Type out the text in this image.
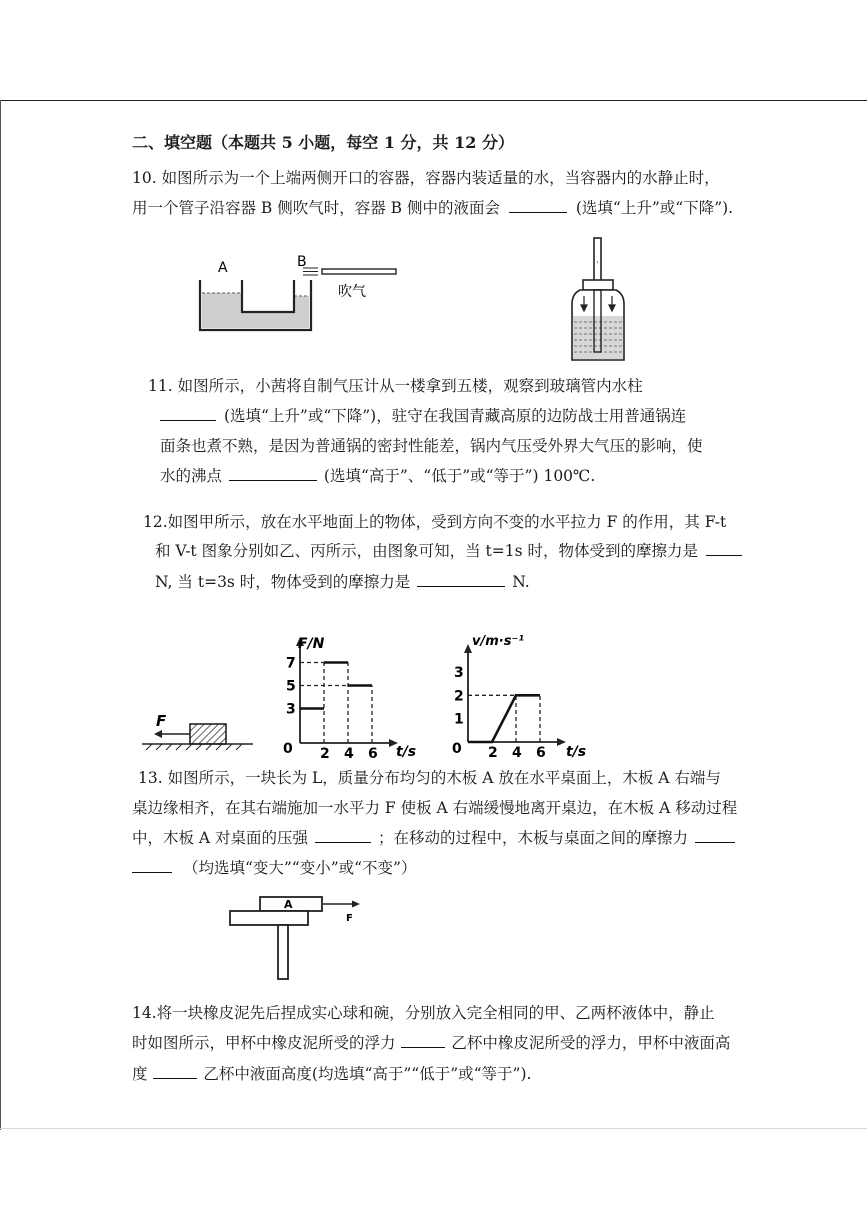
二、填空题（本题共 5 小题，每空 1 分，共 12 分）
10. 如图所示为一个上端两侧开口的容器，容器内装适量的水，当容器内的水静止时，
用一个管子沿容器 B 侧吹气时，容器 B 侧中的液面会	(选填“上升”或“下降”).
A	B
吹气
11. 如图所示，小茜将自制气压计从一楼拿到五楼，观察到玻璃管内水柱
(选填“上升”或“下降”)，驻守在我国青藏高原的边防战士用普通锅连
面条也煮不熟，是因为普通锅的密封性能差，锅内气压受外界大气压的影响，使
水的沸点	(选填“高于”、“低于”或“等于”) 100℃.
12.如图甲所示，放在水平地面上的物体，受到方向不变的水平拉力 F 的作用，其 F-t
和 V-t 图象分别如乙、丙所示，由图象可知，当 t=1s 时，物体受到的摩擦力是
N, 当 t=3s 时，物体受到的摩擦力是	N.
F
2 4 6
3
5
7
F/N
t/s
0	2 4 6
1
2
3
v/m·s⁻¹
t/s
0
13. 如图所示，一块长为 L，质量分布均匀的木板 A 放在水平桌面上，木板 A 右端与
桌边缘相齐，在其右端施加一水平力 F 使板 A 右端缓慢地离开桌边，在木板 A 移动过程
中，木板 A 对桌面的压强	；在移动的过程中，木板与桌面之间的摩擦力
（均选填“变大”“变小”或“不变”）
A
F
14.将一块橡皮泥先后捏成实心球和碗，分别放入完全相同的甲、乙两杯液体中，静止
时如图所示，甲杯中橡皮泥所受的浮力	乙杯中橡皮泥所受的浮力，甲杯中液面高
度	乙杯中液面高度(均选填“高于”“低于”或“等于”).
